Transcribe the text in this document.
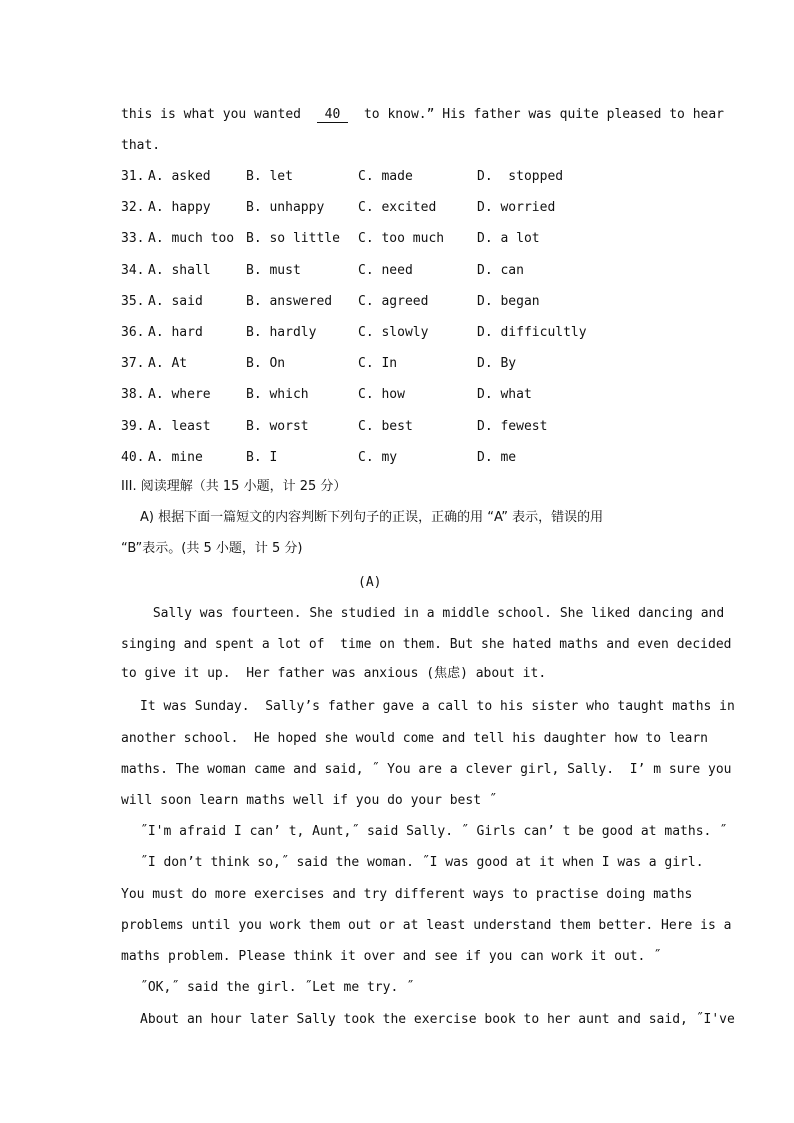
this is what you wanted 40 to know.” His father was quite pleased to hear
that.
31. A. asked	B. let	C. made	D.  stopped
32. A. happy	B. unhappy	C. excited	D. worried
33. A. much too B. so little C. too much	D. a lot
34. A. shall	B. must	C. need	D. can
35. A. said	B. answered C. agreed	D. began
36. A. hard	B. hardly	C. slowly	D. difficultly
37. A. At	B. On	C. In	D. By
38. A. where	B. which	C. how	D. what
39. A. least	B. worst	C. best	D. fewest
40. A. mine	B. I	C. my	D. me
III. 阅读理解（共 15 小题，计 25 分）
A) 根据下面一篇短文的内容判断下列句子的正误，正确的用 “A” 表示，错误的用
“B”表示。(共 5 小题，计 5 分)
(A)
Sally was fourteen. She studied in a middle school. She liked dancing and
singing and spent a lot of  time on them. But she hated maths and even decided
to give it up.  Her father was anxious (焦虑) about it.
It was Sunday.  Sally’s father gave a call to his sister who taught maths in
another school.  He hoped she would come and tell his daughter how to learn
maths. The woman came and said, ˝ You are a clever girl, Sally.  I’ m sure you
will soon learn maths well if you do your best ˝
˝I'm afraid I can’ t, Aunt,˝ said Sally. ˝ Girls can’ t be good at maths. ˝
˝I don’t think so,˝ said the woman. ˝I was good at it when I was a girl.
You must do more exercises and try different ways to practise doing maths
problems until you work them out or at least understand them better. Here is a
maths problem. Please think it over and see if you can work it out. ˝
˝OK,˝ said the girl. ˝Let me try. ˝
About an hour later Sally took the exercise book to her aunt and said, ˝I've
